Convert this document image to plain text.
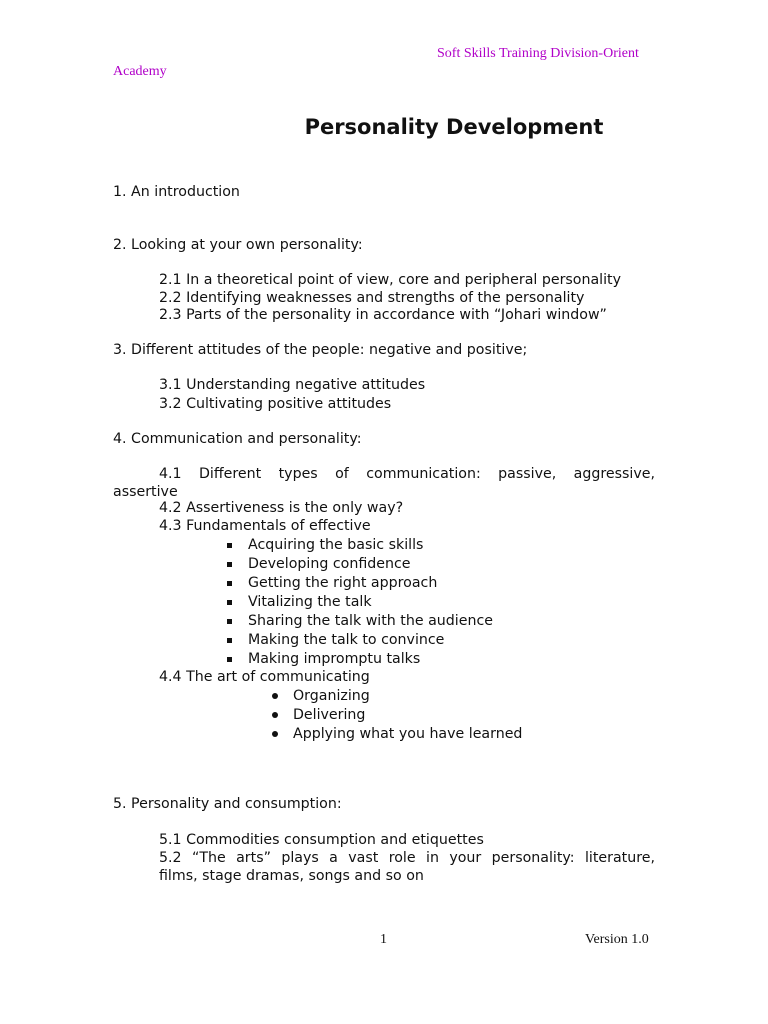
Soft Skills Training Division-Orient
Academy
Personality Development
1. An introduction
2. Looking at your own personality:
2.1 In a theoretical point of view, core and peripheral personality
2.2 Identifying weaknesses and strengths of the personality
2.3 Parts of the personality in accordance with “Johari window”
3. Different attitudes of the people: negative and positive;
3.1 Understanding negative attitudes
3.2 Cultivating positive attitudes
4. Communication and personality:
4.1 Different types of communication: passive, aggressive,
assertive
4.2 Assertiveness is the only way?
4.3 Fundamentals of effective
Acquiring the basic skills
Developing confidence
Getting the right approach
Vitalizing the talk
Sharing the talk with the audience
Making the talk to convince
Making impromptu talks
4.4 The art of communicating
Organizing
Delivering
Applying what you have learned
5. Personality and consumption:
5.1 Commodities consumption and etiquettes
5.2 “The arts” plays a vast role in your personality: literature,
films, stage dramas, songs and so on
1	Version 1.0
